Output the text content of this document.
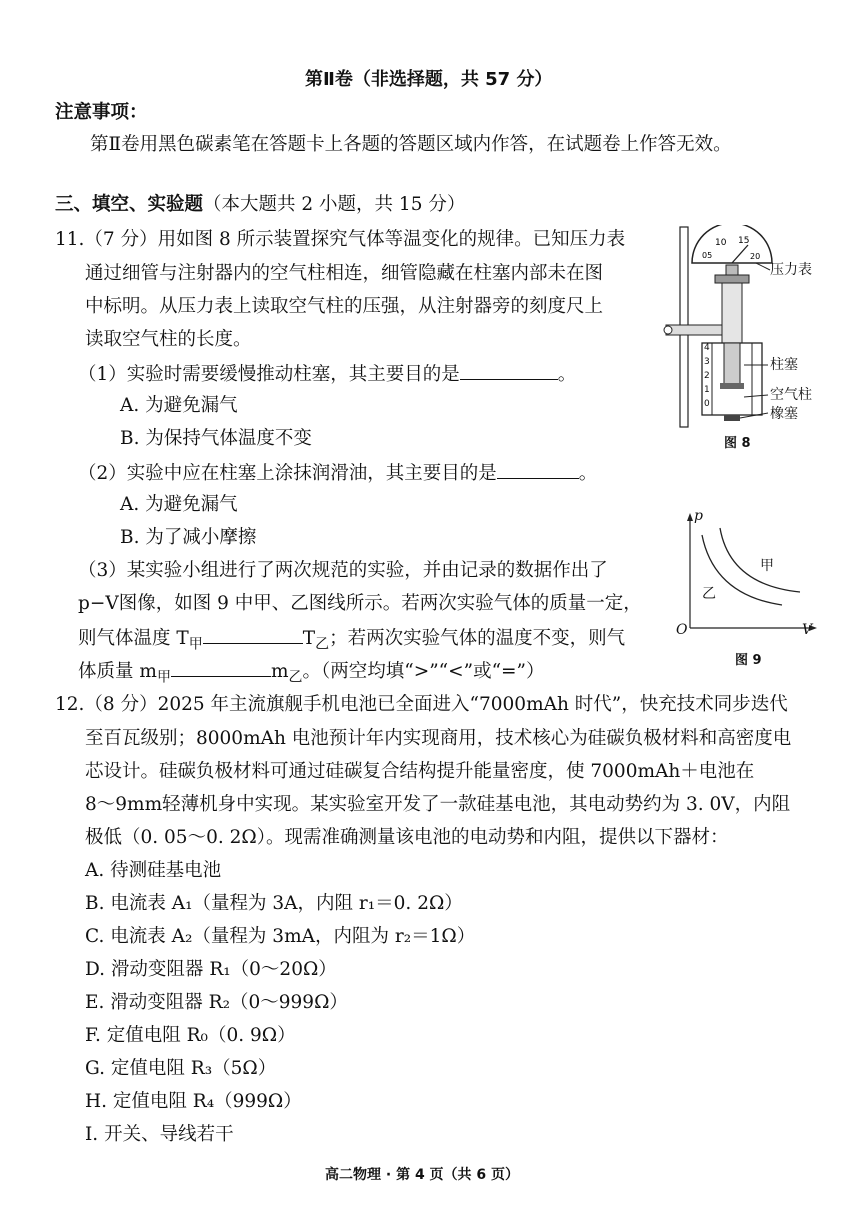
第Ⅱ卷（非选择题，共 57 分）
注意事项：
第Ⅱ卷用黑色碳素笔在答题卡上各题的答题区域内作答，在试题卷上作答无效。
三、填空、实验题（本大题共 2 小题，共 15 分）
11.（7 分）用如图 8 所示装置探究气体等温变化的规律。已知压力表
通过细管与注射器内的空气柱相连，细管隐藏在柱塞内部未在图
中标明。从压力表上读取空气柱的压强，从注射器旁的刻度尺上
读取空气柱的长度。
（1）实验时需要缓慢推动柱塞，其主要目的是	。
A. 为避免漏气
B. 为保持气体温度不变
（2）实验中应在柱塞上涂抹润滑油，其主要目的是	。
A. 为避免漏气
B. 为了减小摩擦
（3）某实验小组进行了两次规范的实验，并由记录的数据作出了
p−V图像，如图 9 中甲、乙图线所示。若两次实验气体的质量一定，
则气体温度 $T_甲$	$T_乙$；若两次实验气体的温度不变，则气
体质量 $m_甲$	$m_乙$。（两空均填“>”“<”或“=”）
10 15
05	20
4
3
2
1
0
压力表
柱塞
空气柱
橡塞
图 8
p
V
O
甲
乙
图 9
12.（8 分）2025 年主流旗舰手机电池已全面进入“7000mAh 时代”，快充技术同步迭代
至百瓦级别；8000mAh 电池预计年内实现商用，技术核心为硅碳负极材料和高密度电
芯设计。硅碳负极材料可通过硅碳复合结构提升能量密度，使 7000mAh＋电池在
8～9mm轻薄机身中实现。某实验室开发了一款硅基电池，其电动势约为 3. 0V，内阻
极低（0. 05～0. 2Ω）。现需准确测量该电池的电动势和内阻，提供以下器材：
A. 待测硅基电池
B. 电流表 A₁（量程为 3A，内阻 r₁＝0. 2Ω）
C. 电流表 A₂（量程为 3mA，内阻为 r₂＝1Ω）
D. 滑动变阻器 R₁（0～20Ω）
E. 滑动变阻器 R₂（0～999Ω）
F. 定值电阻 R₀（0. 9Ω）
G. 定值电阻 R₃（5Ω）
H. 定值电阻 R₄（999Ω）
I. 开关、导线若干
高二物理 · 第 4 页（共 6 页）
